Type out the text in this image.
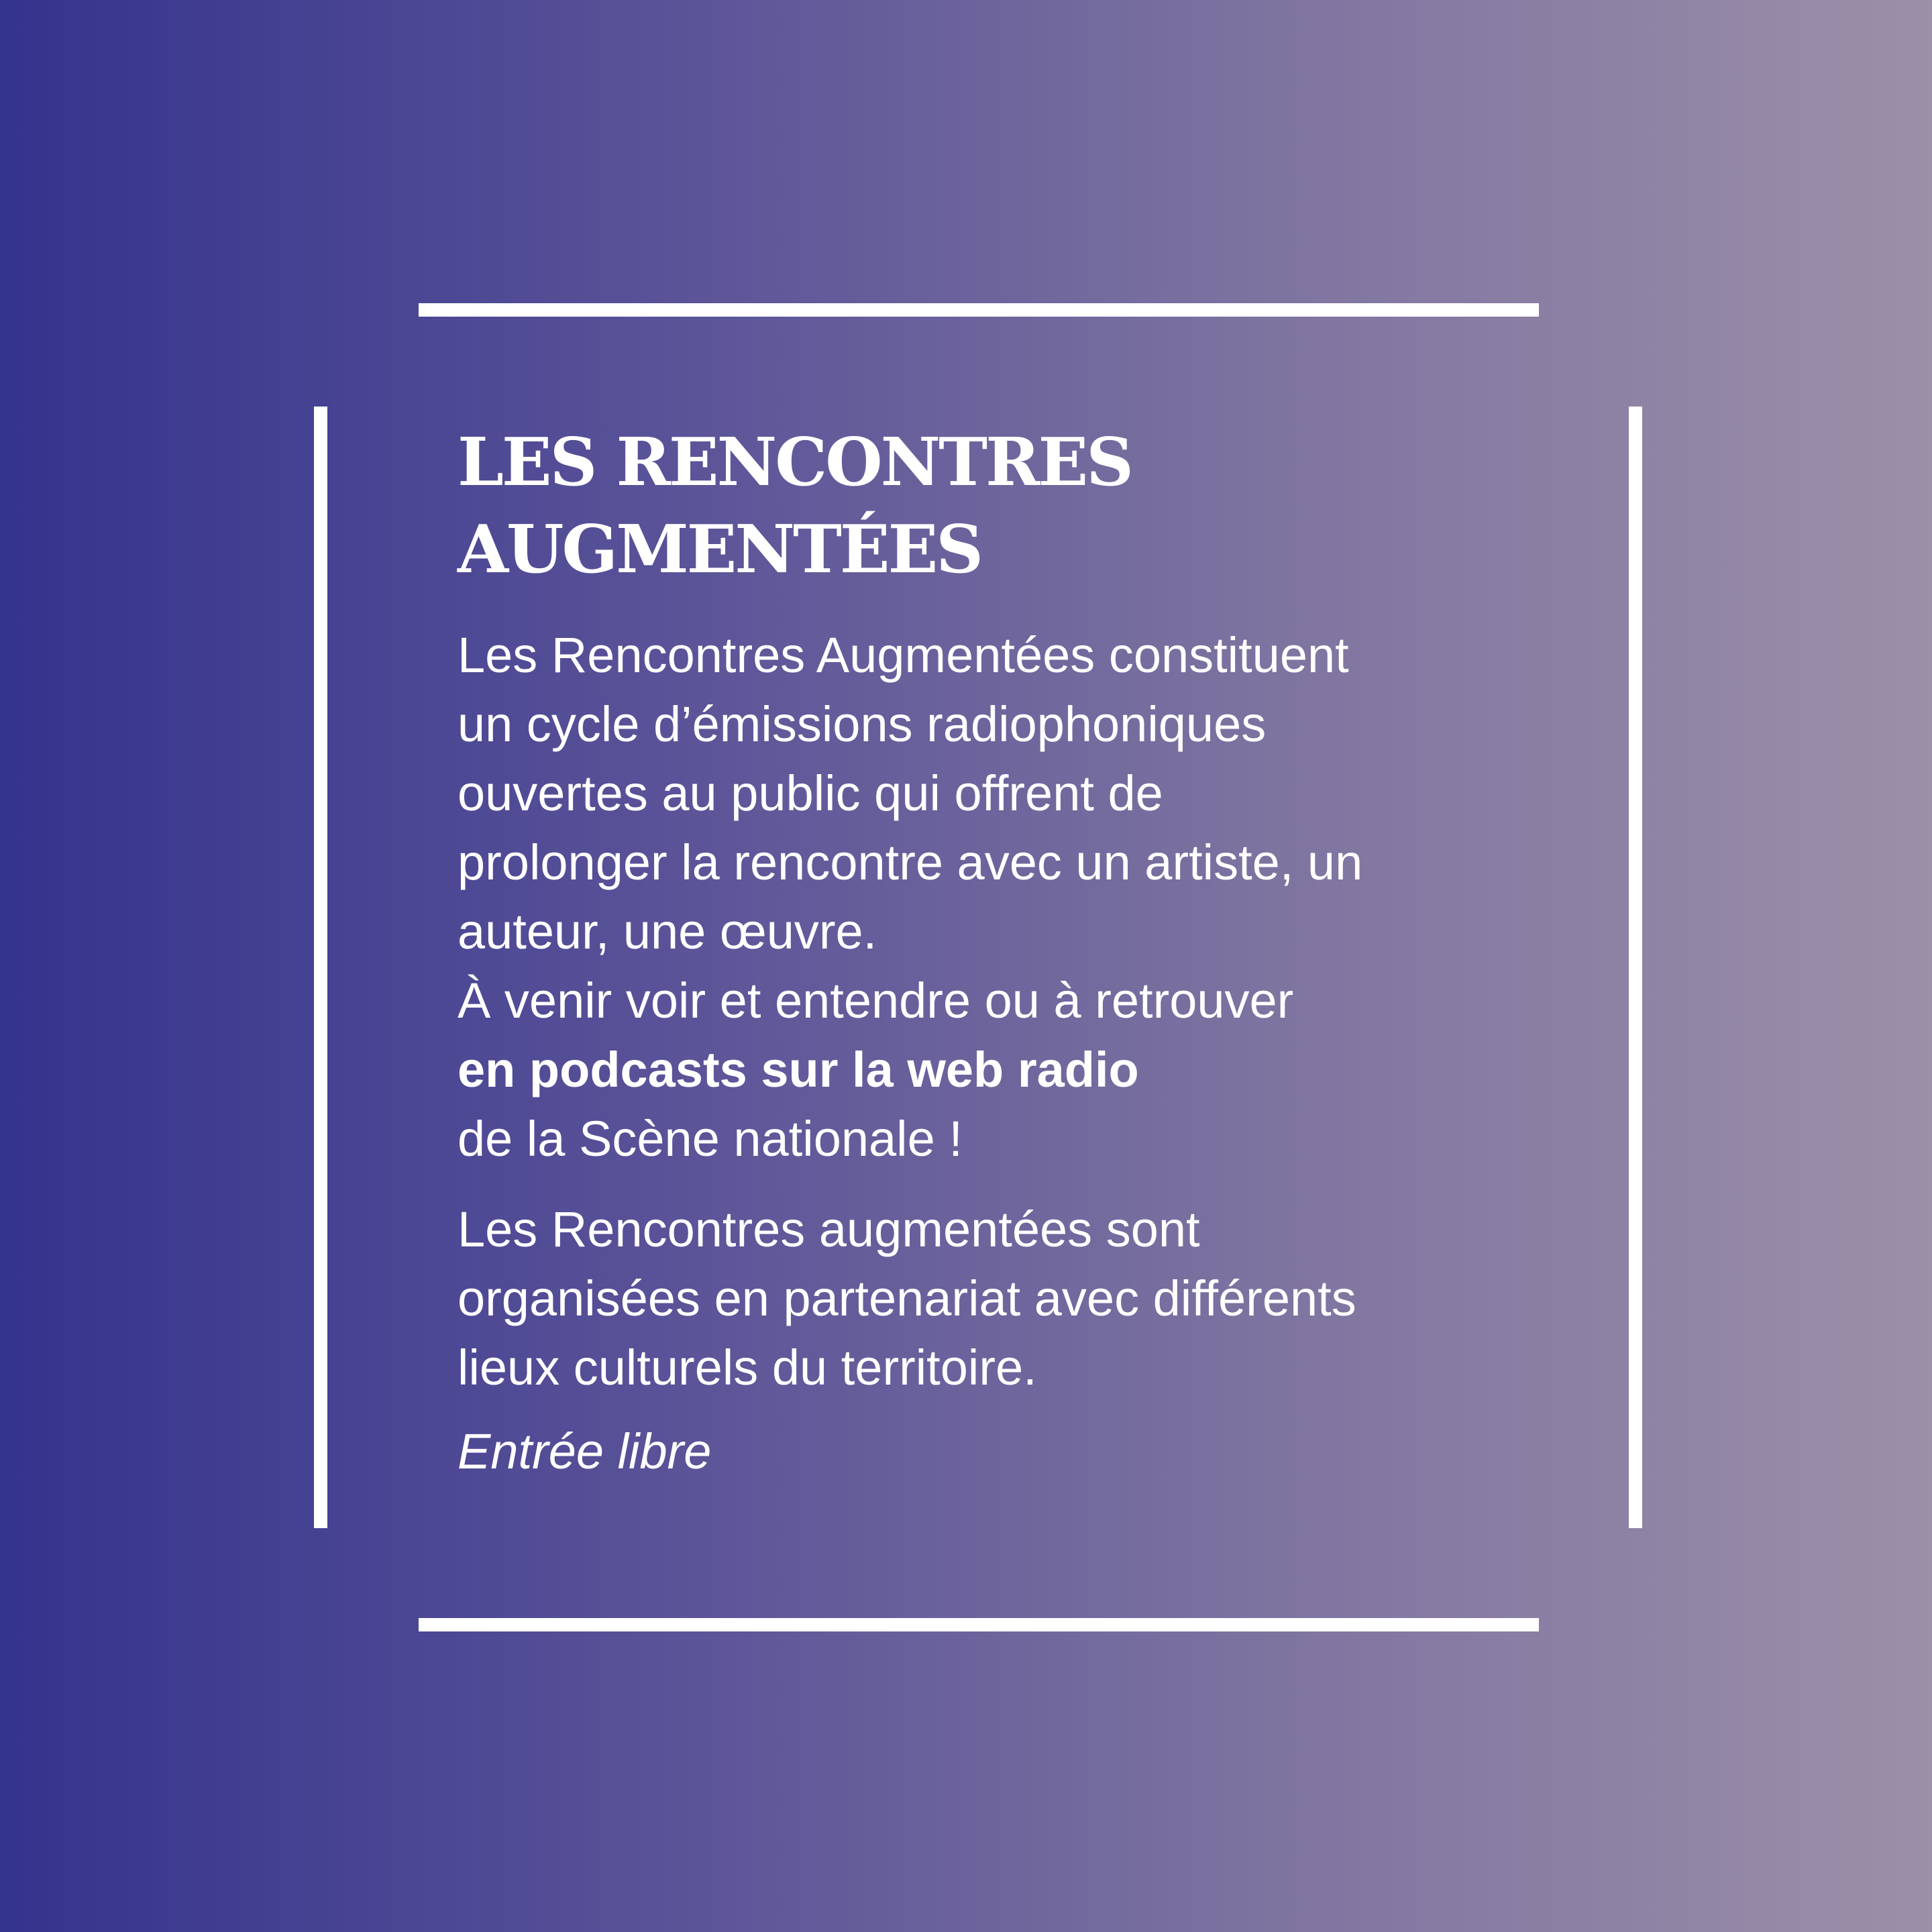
LES RENCONTRES
AUGMENTÉES
Les Rencontres Augmentées constituent
un cycle d’émissions radiophoniques
ouvertes au public qui offrent de
prolonger la rencontre avec un artiste, un
auteur, une œuvre.
À venir voir et entendre ou à retrouver
en podcasts sur la web radio
de la Scène nationale !
Les Rencontres augmentées sont
organisées en partenariat avec différents
lieux culturels du territoire.
Entrée libre
